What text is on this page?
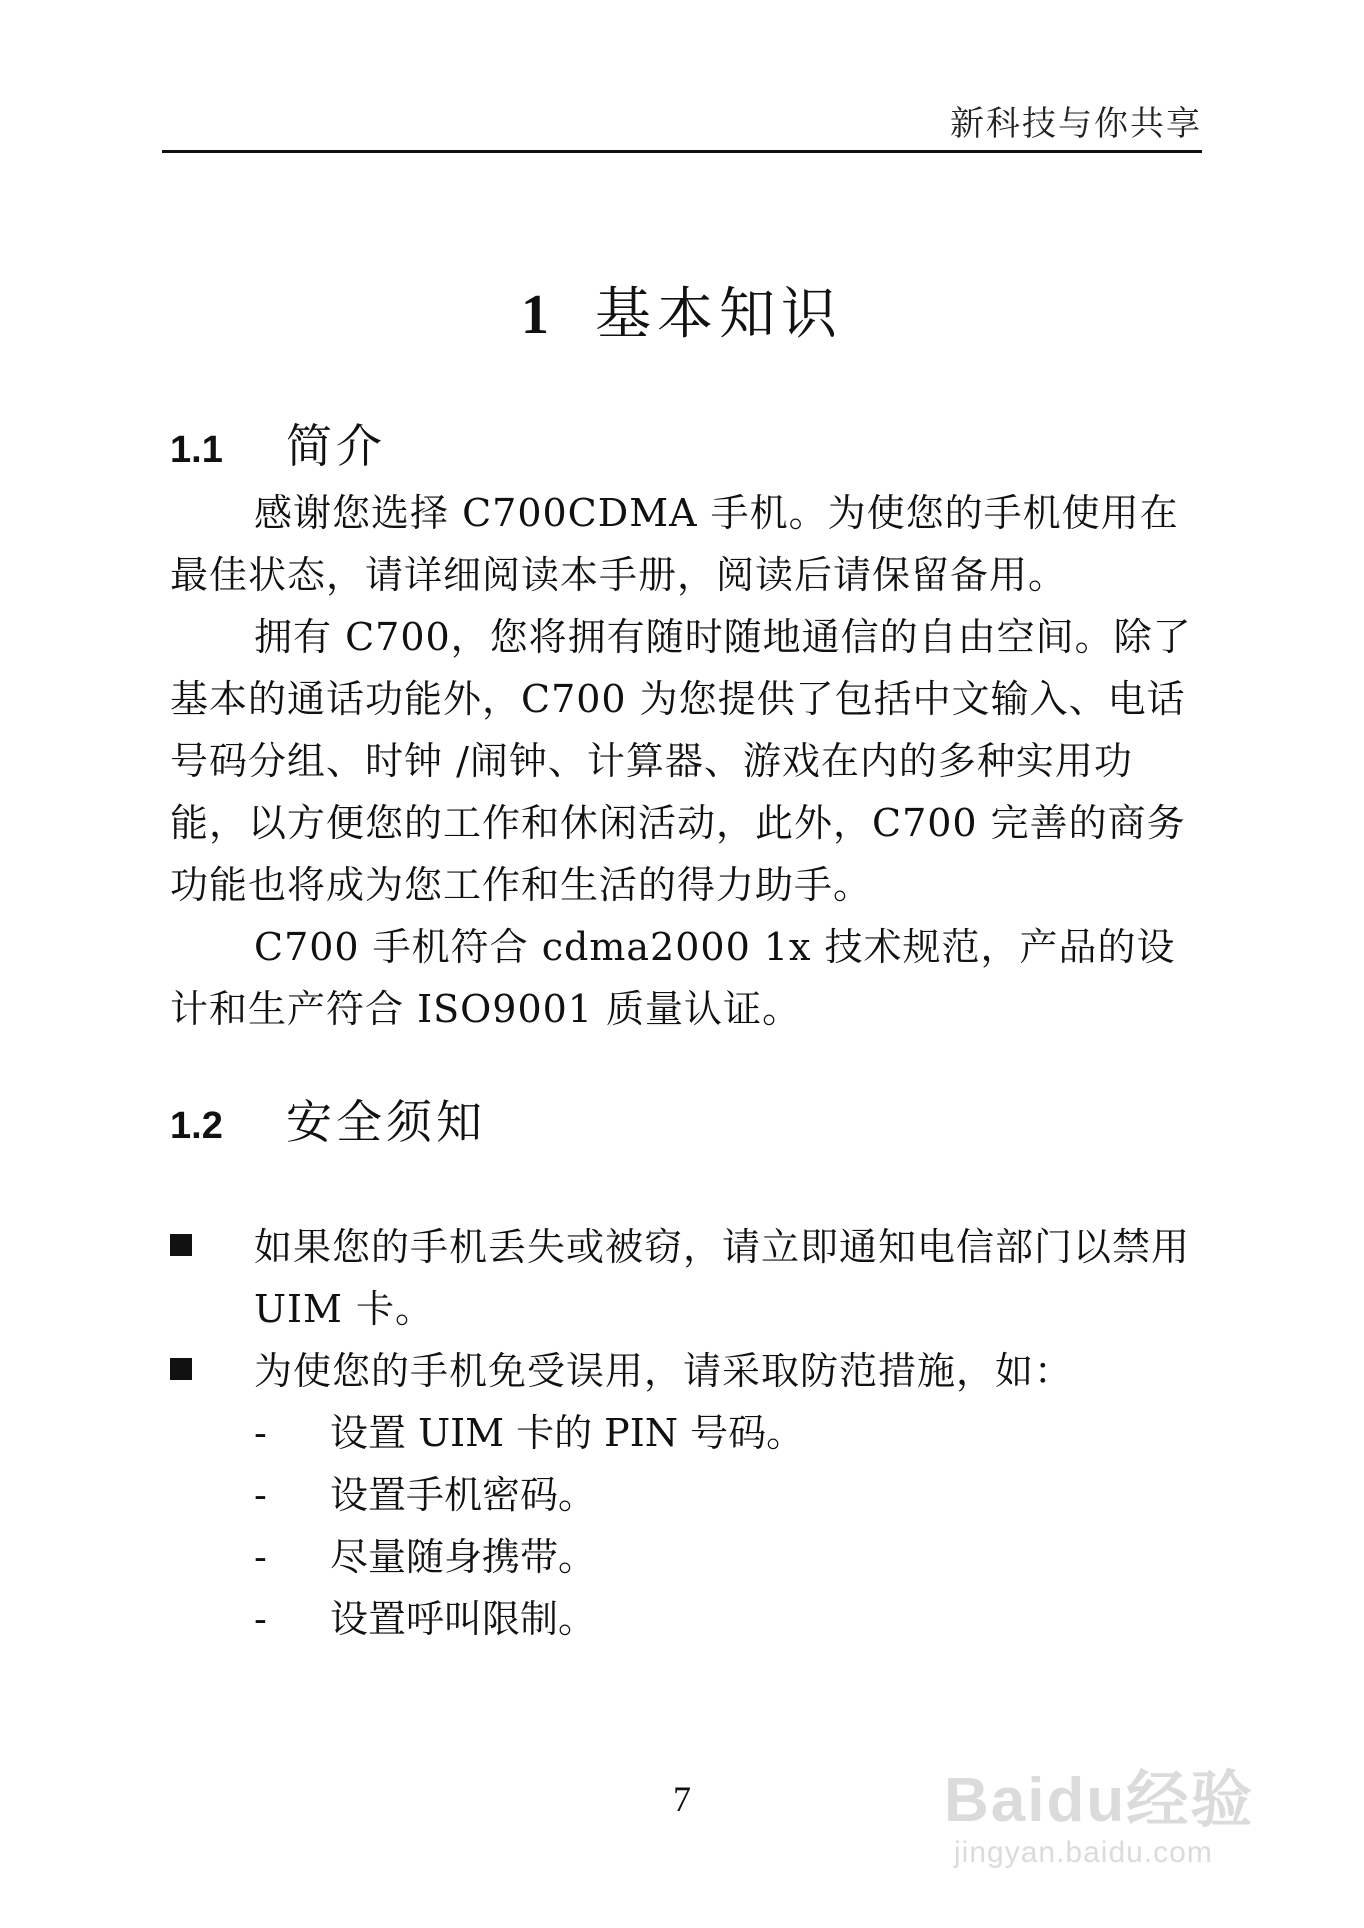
新科技与你共享
1 基本知识
1.1 简介

感谢您选择 C700CDMA 手机。为使您的手机使用在最佳状态，请详细阅读本手册，阅读后请保留备用。

拥有 C700，您将拥有随时随地通信的自由空间。除了基本的通话功能外，C700 为您提供了包括中文输入、电话号码分组、时钟 /闹钟、计算器、游戏在内的多种实用功能，以方便您的工作和休闲活动，此外，C700 完善的商务功能也将成为您工作和生活的得力助手。

C700 手机符合 cdma2000 1x 技术规范，产品的设计和生产符合 ISO9001 质量认证。

1.2 安全须知
如果您的手机丢失或被窃，请立即通知电信部门以禁用 UIM 卡。
为使您的手机免受误用，请采取防范措施，如：
- 设置 UIM 卡的 PIN 号码。
- 设置手机密码。
- 尽量随身携带。
- 设置呼叫限制。
7	Baidu经验
jingyan.baidu.com
